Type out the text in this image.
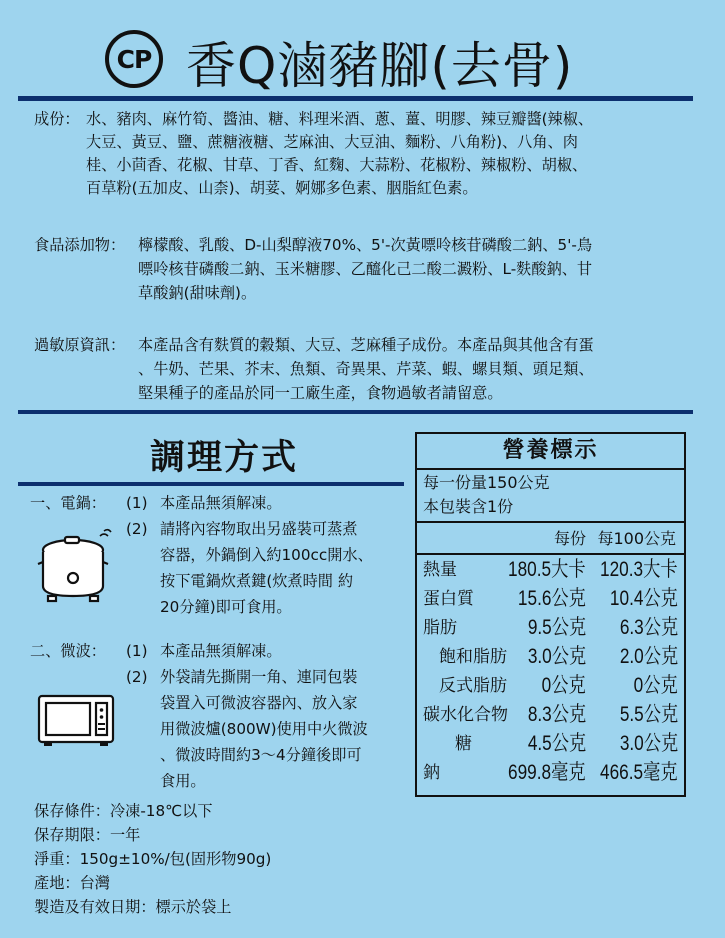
CP 香Q滷豬腳(去骨)
成份： 水、豬肉、麻竹筍、醬油、糖、料理米酒、蔥、薑、明膠、辣豆瓣醬(辣椒、
大豆、黃豆、鹽、蔗糖液糖、芝麻油、大豆油、麵粉、八角粉)、八角、肉
桂、小茴香、花椒、甘草、丁香、紅麴、大蒜粉、花椒粉、辣椒粉、胡椒、
百草粉(五加皮、山柰)、胡荽、婀娜多色素、胭脂紅色素。
食品添加物： 檸檬酸、乳酸、D-山梨醇液70%、5'-次黃嘌呤核苷磷酸二鈉、5'-鳥
嘌呤核苷磷酸二鈉、玉米糖膠、乙醯化己二酸二澱粉、L-麩酸鈉、甘
草酸鈉(甜味劑)。
過敏原資訊： 本產品含有麩質的穀類、大豆、芝麻種子成份。本產品與其他含有蛋
、牛奶、芒果、芥末、魚類、奇異果、芹菜、蝦、螺貝類、頭足類、
堅果種子的產品於同一工廠生產，食物過敏者請留意。
調理方式
一、電鍋： (1) 本產品無須解凍。
(2) 請將內容物取出另盛裝可蒸煮
容器，外鍋倒入約100cc開水、
按下電鍋炊煮鍵(炊煮時間 約
20分鐘)即可食用。
二、微波： (1) 本產品無須解凍。
(2) 外袋請先撕開一角、連同包裝
袋置入可微波容器內、放入家
用微波爐(800W)使用中火微波
、微波時間約3～4分鐘後即可
食用。
營養標示
每一份量150公克
本包裝含1份
每份 每100公克
熱量 180.5大卡 120.3大卡
蛋白質 15.6公克 10.4公克
脂肪	9.5公克 6.3公克
飽和脂肪 3.0公克 2.0公克
反式脂肪 0公克 0公克
碳水化合物 8.3公克 5.5公克
糖	4.5公克 3.0公克
鈉	699.8毫克 466.5毫克
保存條件：冷凍-18℃以下
保存期限：一年
淨重：150g±10%/包(固形物90g)
產地：台灣
製造及有效日期：標示於袋上
